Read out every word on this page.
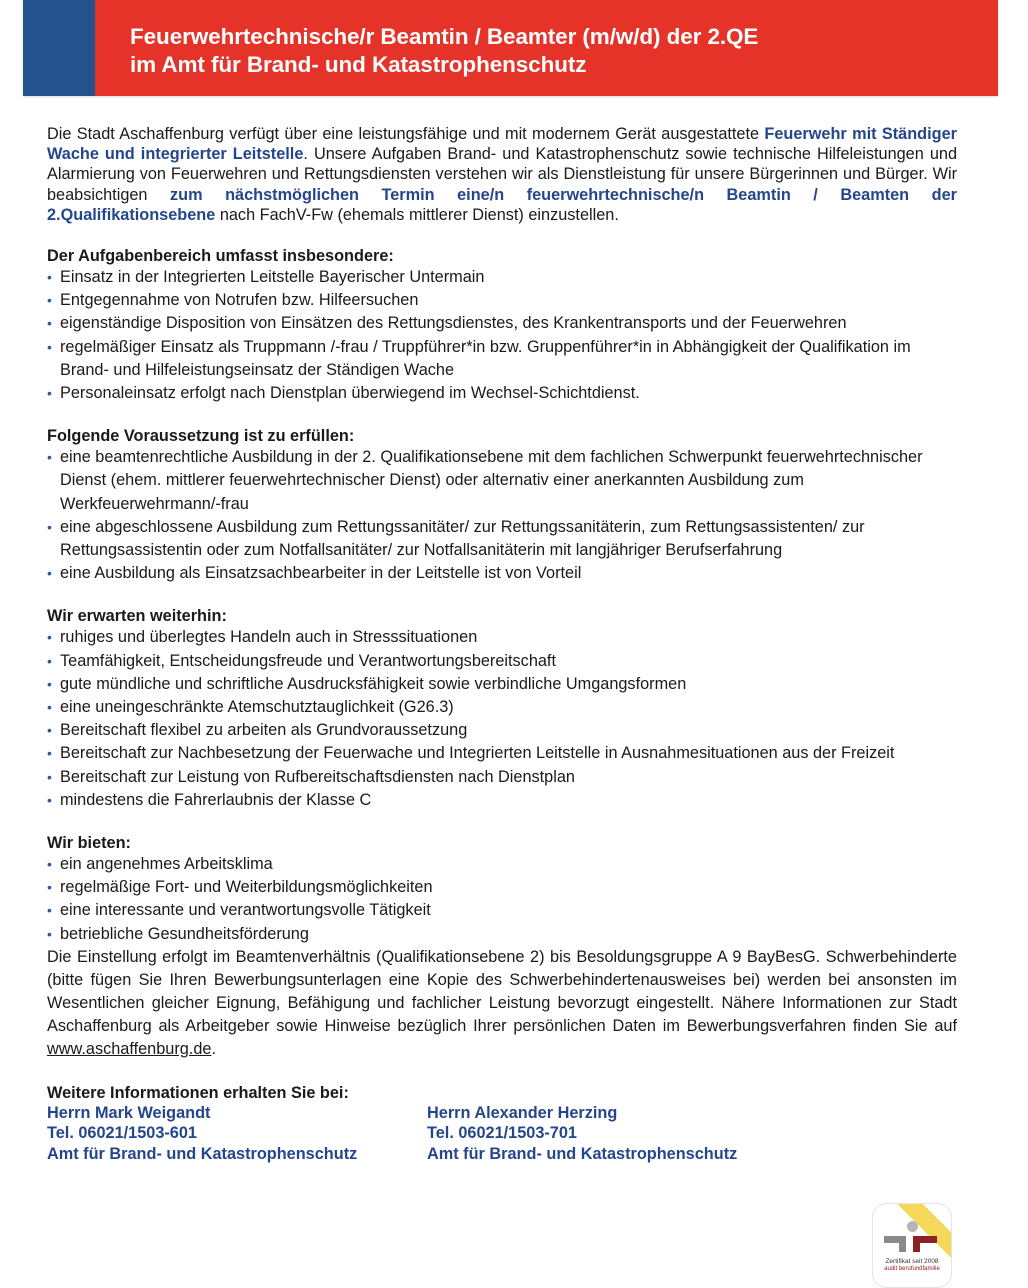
Feuerwehrtechnische/r Beamtin / Beamter (m/w/d) der 2.QE
im Amt für Brand- und Katastrophenschutz

Die Stadt Aschaffenburg verfügt über eine leistungsfähige und mit modernem Gerät ausgestattete Feuerwehr mit Ständiger Wache und integrierter Leitstelle. Unsere Aufgaben Brand- und Katastrophenschutz sowie technische Hilfeleistungen und Alarmierung von Feuerwehren und Rettungsdiensten verstehen wir als Dienstleistung für unsere Bürgerinnen und Bürger. Wir beabsichtigen zum nächstmöglichen Termin eine/n feuerwehrtechnische/n Beamtin / Beamten der 2.Qualifikationsebene nach FachV-Fw (ehemals mittlerer Dienst) einzustellen.

Der Aufgabenbereich umfasst insbesondere:
• Einsatz in der Integrierten Leitstelle Bayerischer Untermain
• Entgegennahme von Notrufen bzw. Hilfeersuchen
• eigenständige Disposition von Einsätzen des Rettungsdienstes, des Krankentransports und der Feuerwehren
• regelmäßiger Einsatz als Truppmann /-frau / Truppführer*in bzw. Gruppenführer*in in Abhängigkeit der Qualifikation im Brand- und Hilfeleistungseinsatz der Ständigen Wache
• Personaleinsatz erfolgt nach Dienstplan überwiegend im Wechsel-Schichtdienst.
Folgende Voraussetzung ist zu erfüllen:
• eine beamtenrechtliche Ausbildung in der 2. Qualifikationsebene mit dem fachlichen Schwerpunkt feuerwehrtechnischer Dienst (ehem. mittlerer feuerwehrtechnischer Dienst) oder alternativ einer anerkannten Ausbildung zum Werkfeuerwehrmann/-frau
• eine abgeschlossene Ausbildung zum Rettungssanitäter/ zur Rettungssanitäterin, zum Rettungsassistenten/ zur Rettungsassistentin oder zum Notfallsanitäter/ zur Notfallsanitäterin mit langjähriger Berufserfahrung
• eine Ausbildung als Einsatzsachbearbeiter in der Leitstelle ist von Vorteil
Wir erwarten weiterhin:
• ruhiges und überlegtes Handeln auch in Stresssituationen
• Teamfähigkeit, Entscheidungsfreude und Verantwortungsbereitschaft
• gute mündliche und schriftliche Ausdrucksfähigkeit sowie verbindliche Umgangsformen
• eine uneingeschränkte Atemschutztauglichkeit (G26.3)
• Bereitschaft flexibel zu arbeiten als Grundvoraussetzung
• Bereitschaft zur Nachbesetzung der Feuerwache und Integrierten Leitstelle in Ausnahmesituationen aus der Freizeit
• Bereitschaft zur Leistung von Rufbereitschaftsdiensten nach Dienstplan
• mindestens die Fahrerlaubnis der Klasse C
Wir bieten:
• ein angenehmes Arbeitsklima
• regelmäßige Fort- und Weiterbildungsmöglichkeiten
• eine interessante und verantwortungsvolle Tätigkeit
• betriebliche Gesundheitsförderung

Die Einstellung erfolgt im Beamtenverhältnis (Qualifikationsebene 2) bis Besoldungsgruppe A 9 BayBesG. Schwerbehinderte (bitte fügen Sie Ihren Bewerbungsunterlagen eine Kopie des Schwerbehindertenausweises bei) werden bei ansonsten im Wesentlichen gleicher Eignung, Befähigung und fachlicher Leistung bevorzugt eingestellt. Nähere Informationen zur Stadt Aschaffenburg als Arbeitgeber sowie Hinweise bezüglich Ihrer persönlichen Daten im Bewerbungsverfahren finden Sie auf www.aschaffenburg.de.

Weitere Informationen erhalten Sie bei:
Herrn Mark Weigandt
Tel. 06021/1503-601
Amt für Brand- und Katastrophenschutz
Herrn Alexander Herzing
Tel. 06021/1503-701
Amt für Brand- und Katastrophenschutz
Zertifikat seit 2008
audit berufundfamilie
